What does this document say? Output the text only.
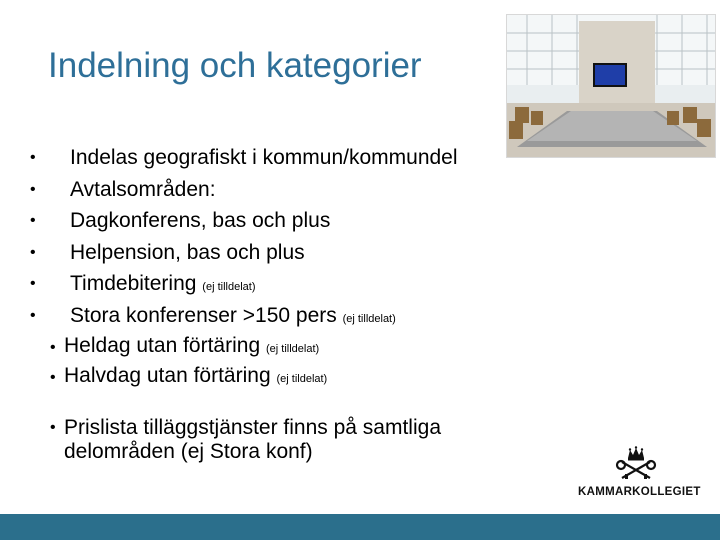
Indelning och kategorier
• Indelas geografiskt i kommun/kommundel
• Avtalsområden:
• Dagkonferens, bas och plus
• Helpension, bas och plus
• Timdebitering (ej tilldelat)
• Stora konferenser >150 pers (ej tilldelat)
• Heldag utan förtäring (ej tilldelat)
• Halvdag utan förtäring (ej tildelat)
• Prislista tilläggstjänster finns på samtliga delområden (ej Stora konf)
KAMMARKOLLEGIET
